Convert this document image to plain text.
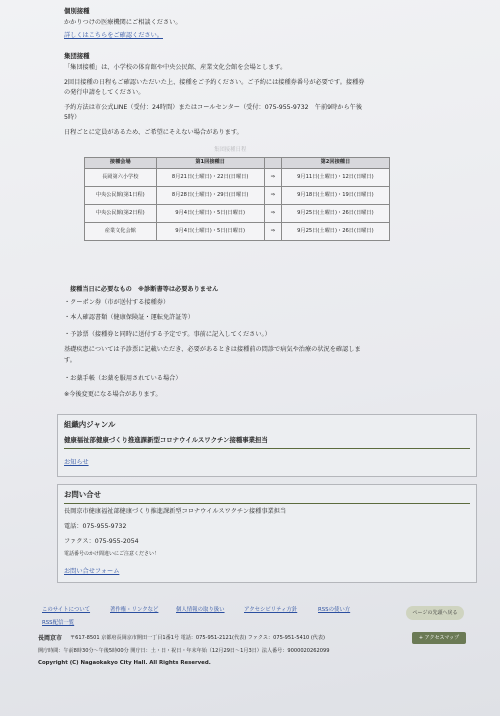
個別接種
かかりつけの医療機関にご相談ください。
詳しくはこちらをご確認ください。
集団接種
「集団接種」は、小学校の体育館や中央公民館、産業文化会館を会場とします。
2回目接種の日程もご確認いただいた上、接種をご予約ください。ご予約には接種券番号が必要です。接種券
の発行申請をしてください。
予約方法は市公式LINE（受付：24時間）またはコールセンター（受付：075-955-9732　午前9時から午後
5時）
日程ごとに定員があるため、ご希望にそえない場合があります。
集団接種日程
接種会場	第1回接種日		第2回接種日
長岡第六小学校	8月21日(土曜日)・22日(日曜日)	⇒	9月11日(土曜日)・12日(日曜日)
中央公民館(第1日程)	8月28日(土曜日)・29日(日曜日)	⇒	9月18日(土曜日)・19日(日曜日)
中央公民館(第2日程)	9月4日(土曜日)・5日(日曜日)	⇒	9月25日(土曜日)・26日(日曜日)
産業文化会館	9月4日(土曜日)・5日(日曜日)	⇒	9月25日(土曜日)・26日(日曜日)
接種当日に必要なもの　※診断書等は必要ありません
・クーポン券（市が送付する接種券）
・本人確認書類（健康保険証・運転免許証等）
・予診票（接種券と同時に送付する予定です。事前に記入してください。）
基礎疾患については予診票に記載いただき、必要があるときは接種前の問診で病気や治療の状況を確認しま
す。
・お薬手帳（お薬を服用されている場合）
※今後変更になる場合があります。
組織内ジャンル
健康福祉部健康づくり推進課新型コロナウイルスワクチン接種事業担当
お知らせ
お問い合せ
長岡京市健康福祉部健康づくり推進課新型コロナウイルスワクチン接種事業担当
電話：075-955-9732
ファクス：075-955-2054
電話番号のかけ間違いにご注意ください！
お問い合せフォーム
このサイトについて	著作権・リンクなど	個人情報の取り扱い	アクセシビリティ方針	RSSの使い方
RSS配信一覧
ページの先頭へ戻る
長岡京市 〒617-8501 京都府長岡京市開田一丁目1番1号 電話：075-951-2121(代表) ファクス：075-951-5410 (代表)	+ アクセスマップ
開庁時間：午前8時30分〜午後5時00分 開庁日：土・日・祝日・年末年始（12月29日〜1月3日）法人番号：9000020262099
Copyright (C) Nagaokakyo City Hall. All Rights Reserved.
